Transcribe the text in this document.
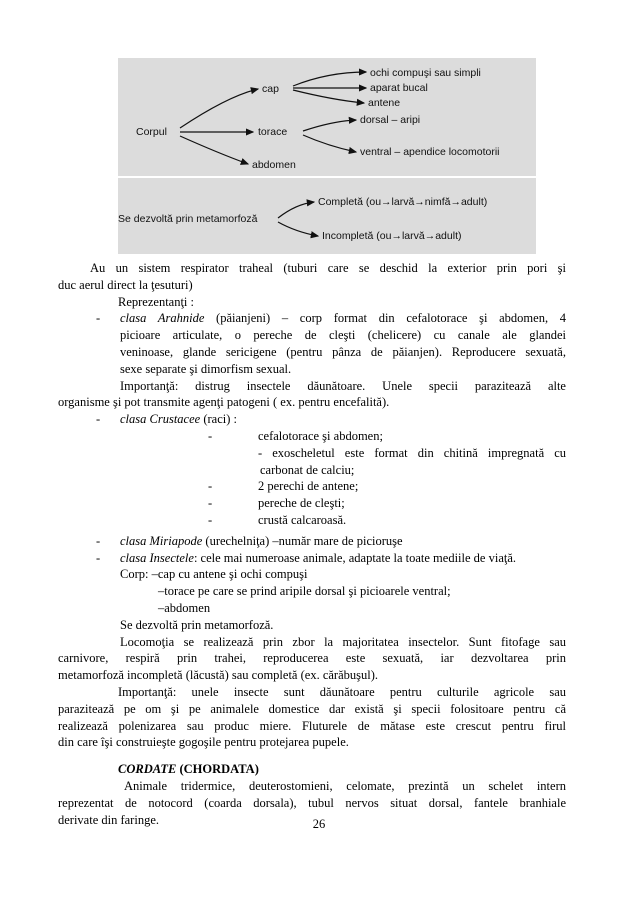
Corpul
cap
torace
abdomen
ochi compuşi sau simpli
aparat bucal
antene
dorsal – aripi
ventral – apendice locomotorii
Se dezvoltă prin metamorfoză
Completă (ou→larvă→nimfă→adult)
Incompletă (ou→larvă→adult)

Au un sistem respirator traheal (tuburi care se deschid la exterior prin pori şi

duc aerul direct la ţesuturi)

Reprezentanţi :

-	clasa Arahnide (păianjeni) – corp format din cefalotorace şi abdomen, 4

picioare articulate, o pereche de cleşti (chelicere) cu canale ale glandei

veninoase, glande sericigene (pentru pânza de păianjen). Reproducere sexuată,

sexe separate şi dimorfism sexual.

Importanţă: distrug insectele dăunătoare. Unele specii parazitează alte

organisme şi pot transmite agenţi patogeni ( ex. pentru encefalită).

-	clasa Crustacee (raci) :

-	cefalotorace şi abdomen;
- exoscheletul este format din chitină impregnată cu
carbonat de calciu;
-	2 perechi de antene;
-	pereche de cleşti;
-	crustă calcaroasă.
-	clasa Miriapode (urechelniţa) –număr mare de picioruşe

-	clasa Insectele: cele mai numeroase animale, adaptate la toate mediile de viaţă.

Corp: –cap cu antene şi ochi compuşi

–torace pe care se prind aripile dorsal şi picioarele ventral;

–abdomen

Se dezvoltă prin metamorfoză.

Locomoţia se realizează prin zbor la majoritatea insectelor. Sunt fitofage sau

carnivore, respiră prin trahei, reproducerea este sexuată, iar dezvoltarea prin

metamorfoză incompletă (lăcustă) sau completă (ex. cărăbuşul).

Importanţă: unele insecte sunt dăunătoare pentru culturile agricole sau

parazitează pe om şi pe animalele domestice dar există şi specii folositoare pentru că

realizează polenizarea sau produc miere. Fluturele de mătase este crescut pentru firul

din care îşi construieşte gogoşile pentru protejarea pupele.

CORDATE (CHORDATA)

Animale tridermice, deuterostomieni, celomate, prezintă un schelet intern

reprezentat de notocord (coarda dorsala), tubul nervos situat dorsal, fantele branhiale

derivate din faringe.	26
